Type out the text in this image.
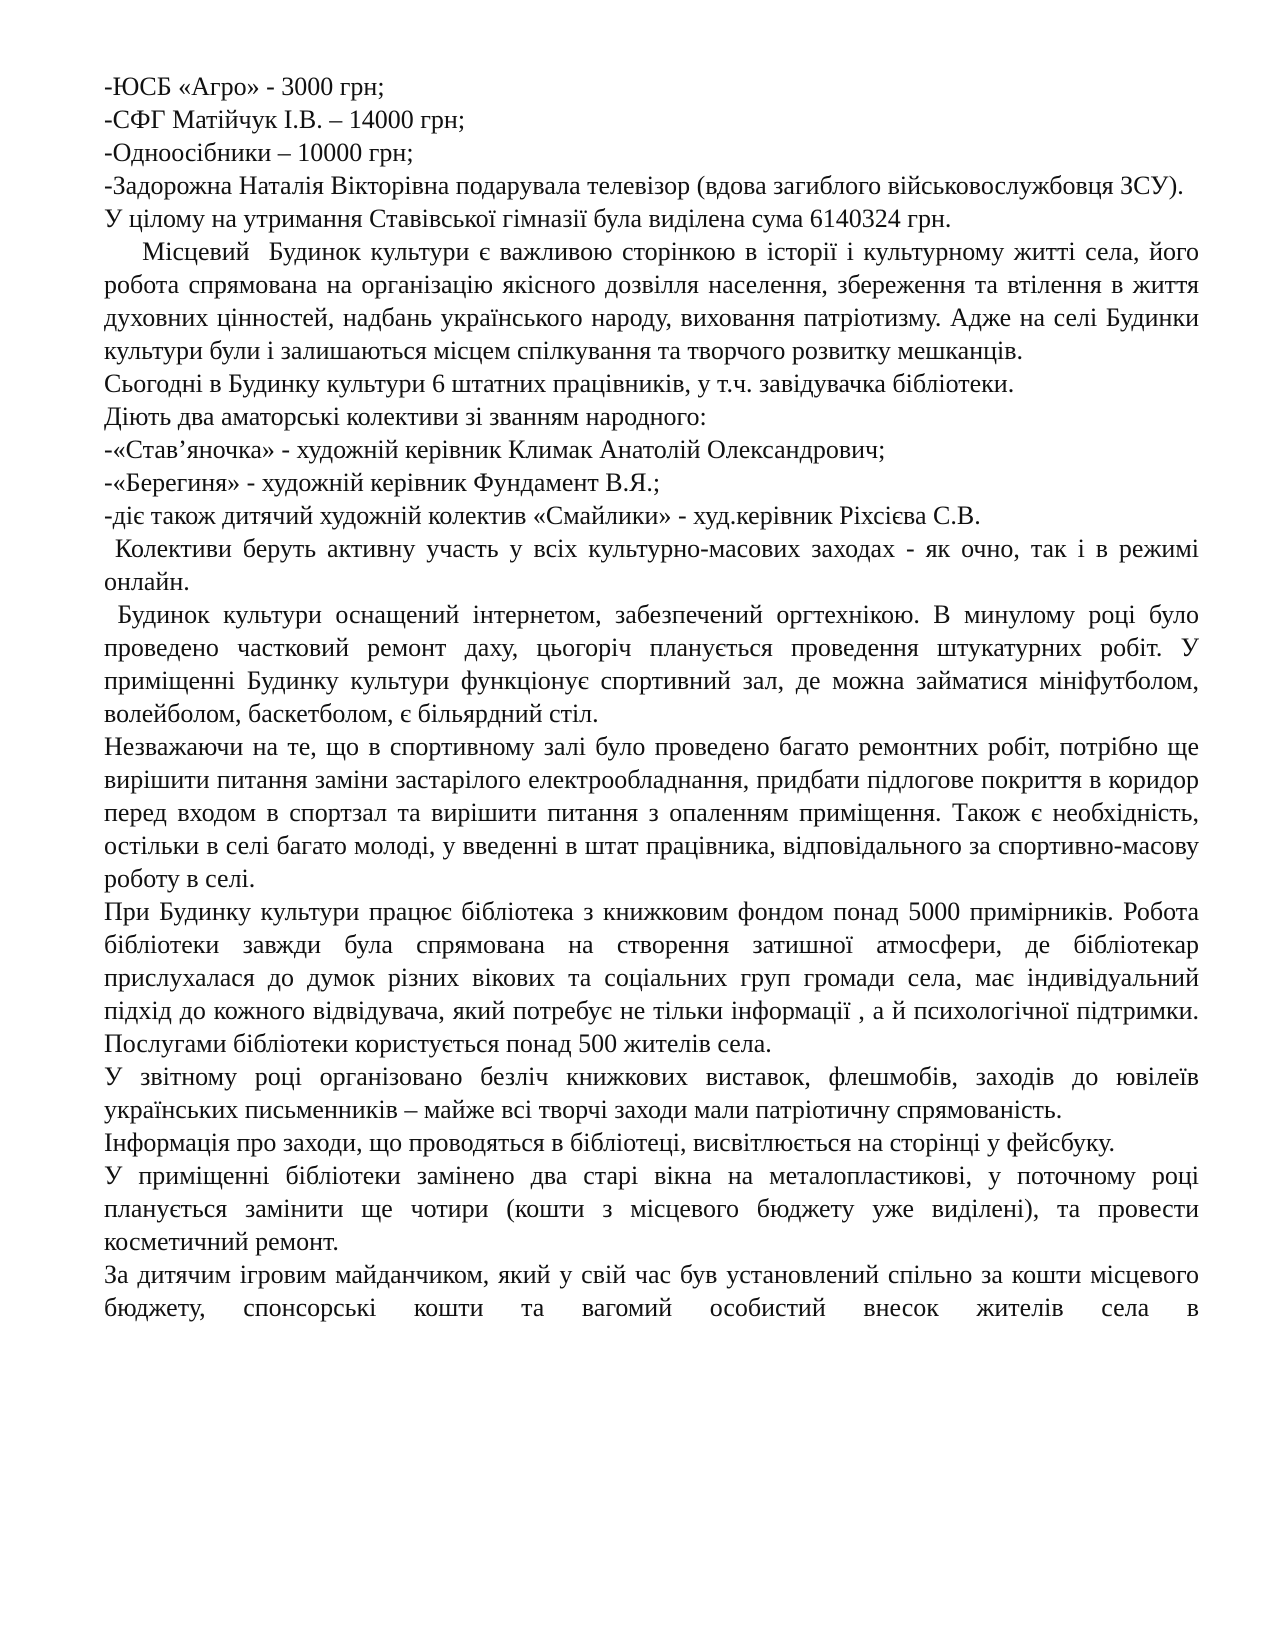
-ЮСБ «Агро» - 3000 грн;

-СФГ Матійчук І.В. – 14000 грн;

-Одноосібники – 10000 грн;

-Задорожна Наталія Вікторівна подарувала телевізор (вдова загиблого військовослужбовця ЗСУ).

У цілому на утримання Ставівської гімназії була виділена сума 6140324 грн.

Місцевий  Будинок культури є важливою сторінкою в історії і культурному житті села, його робота спрямована на організацію якісного дозвілля населення, збереження та втілення в життя духовних цінностей, надбань українського народу, виховання патріотизму. Адже на селі Будинки культури були і залишаються місцем спілкування та творчого розвитку мешканців.

Сьогодні в Будинку культури 6 штатних працівників, у т.ч. завідувачка бібліотеки.

Діють два аматорські колективи зі званням народного:

-«Став’яночка» - художній керівник Климак Анатолій Олександрович;

-«Берегиня» - художній керівник Фундамент В.Я.;

-діє також дитячий художній колектив «Смайлики» - худ.керівник Ріхсієва С.В.

Колективи беруть активну участь у всіх культурно-масових заходах - як очно, так і в режимі онлайн.

Будинок культури оснащений інтернетом, забезпечений оргтехнікою. В минулому році було проведено частковий ремонт даху, цьогоріч планується проведення штукатурних робіт. У приміщенні Будинку культури функціонує спортивний зал, де можна займатися мініфутболом, волейболом, баскетболом, є більярдний стіл.

Незважаючи на те, що в спортивному залі було проведено багато ремонтних робіт, потрібно ще вирішити питання заміни застарілого електрообладнання, придбати підлогове покриття в коридор перед входом в спортзал та вирішити питання з опаленням приміщення. Також є необхідність, остільки в селі багато молоді, у введенні в штат працівника, відповідального за спортивно-масову роботу в селі.

При Будинку культури працює бібліотека з книжковим фондом понад 5000 примірників. Робота бібліотеки завжди була спрямована на створення затишної атмосфери, де бібліотекар прислухалася до думок різних вікових та соціальних груп громади села, має індивідуальний підхід до кожного відвідувача, який потребує не тільки інформації , а й психологічної підтримки. Послугами бібліотеки користується понад 500 жителів села.

У звітному році організовано безліч книжкових виставок, флешмобів, заходів до ювілеїв українських письменників – майже всі творчі заходи мали патріотичну спрямованість.

Інформація про заходи, що проводяться в бібліотеці, висвітлюється на сторінці у фейсбуку.

У приміщенні бібліотеки замінено два старі вікна на металопластикові, у поточному році планується замінити ще чотири (кошти з місцевого бюджету уже виділені), та провести косметичний ремонт.

За дитячим ігровим майданчиком, який у свій час був установлений спільно за кошти місцевого бюджету, спонсорські кошти та вагомий особистий внесок жителів села в
